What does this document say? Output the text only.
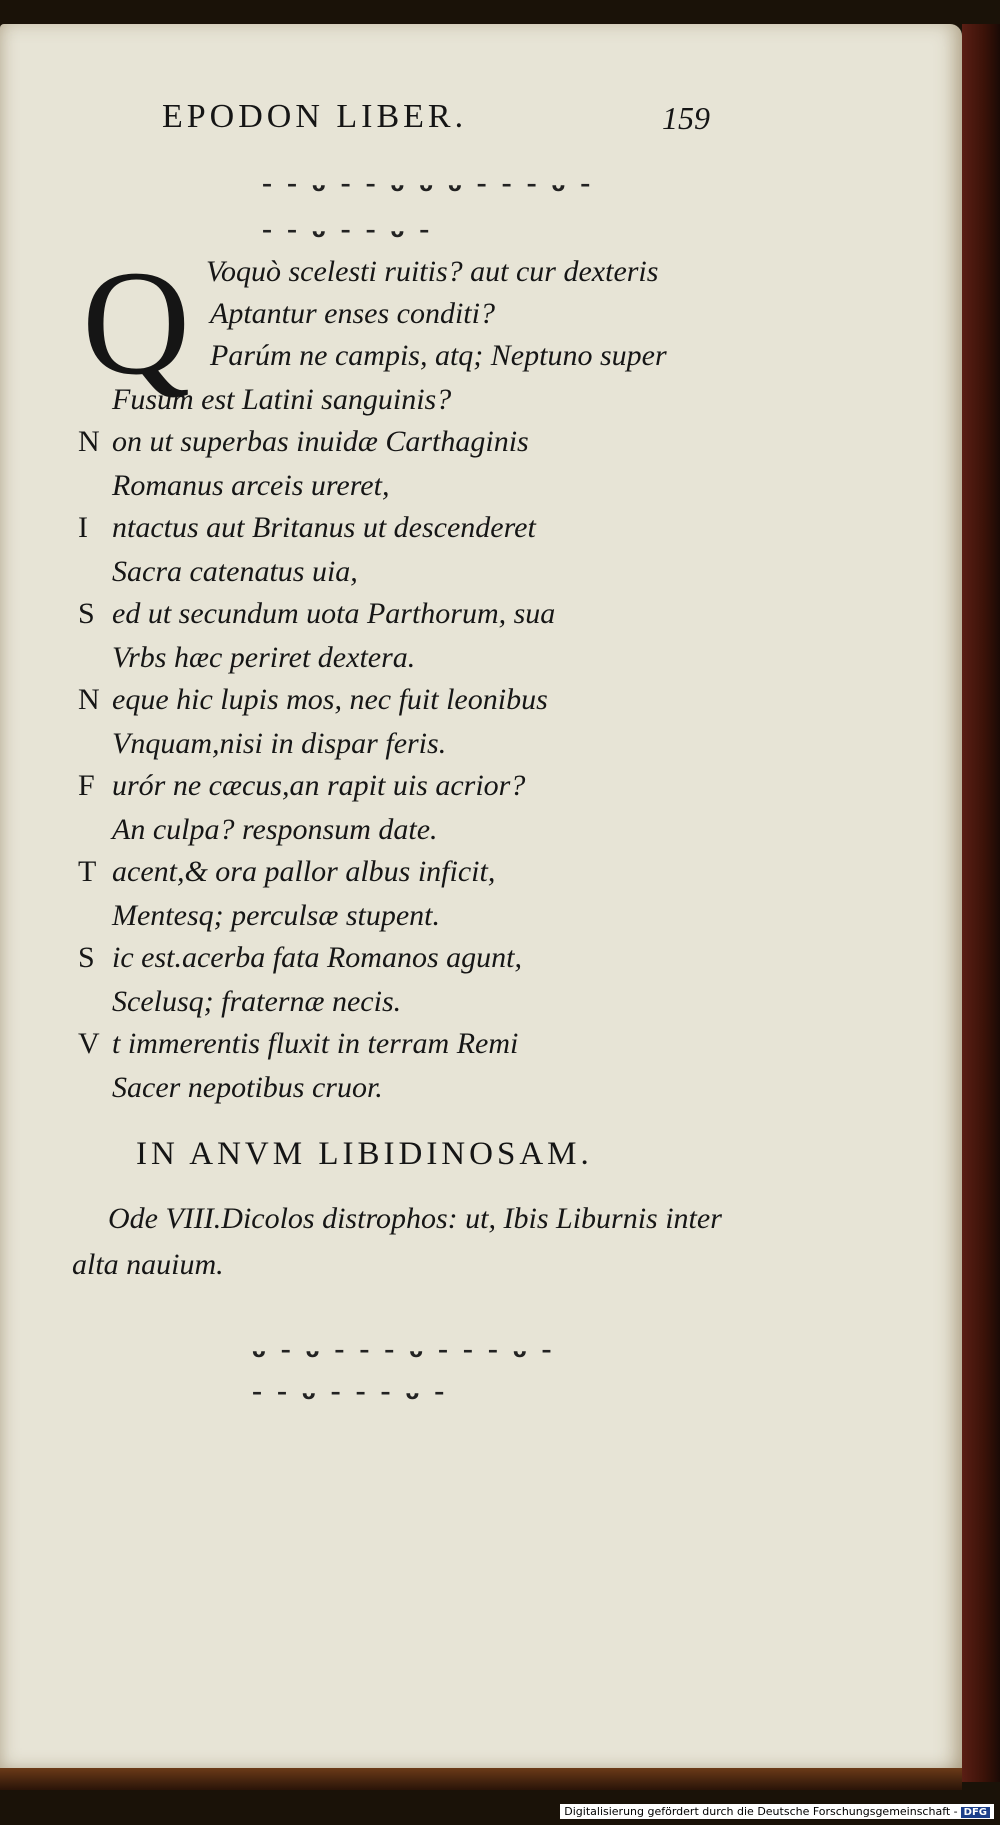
EPODON LIBER.	159
– – ᴗ – – ᴗ ᴗ ᴗ – – – ᴗ –
– – ᴗ – – ᴗ –
Q Voquò scelesti ruitis? aut cur dexteris
Aptantur enses conditi?
Parúm ne campis, atq; Neptuno super
Fusum est Latini sanguinis?
N on ut superbas inuidæ Carthaginis
Romanus arceis ureret,
I ntactus aut Britanus ut descenderet
Sacra catenatus uia,
S ed ut secundum uota Parthorum, sua
Vrbs hæc periret dextera.
N eque hic lupis mos, nec fuit leonibus
Vnquam,nisi in dispar feris.
F urór ne cæcus,an rapit uis acrior?
An culpa? responsum date.
T acent,& ora pallor albus inficit,
Mentesq; perculsæ stupent.
S ic est.acerba fata Romanos agunt,
Scelusq; fraternæ necis.
V t immerentis fluxit in terram Remi
Sacer nepotibus cruor.
IN ANVM LIBIDINOSAM.
Ode VIII.Dicolos distrophos: ut, Ibis Liburnis inter alta nauium.
ᴗ – ᴗ – – – ᴗ – – – ᴗ –
– – ᴗ – – – ᴗ –
Digitalisierung gefördert durch die Deutsche Forschungsgemeinschaft - DFG
